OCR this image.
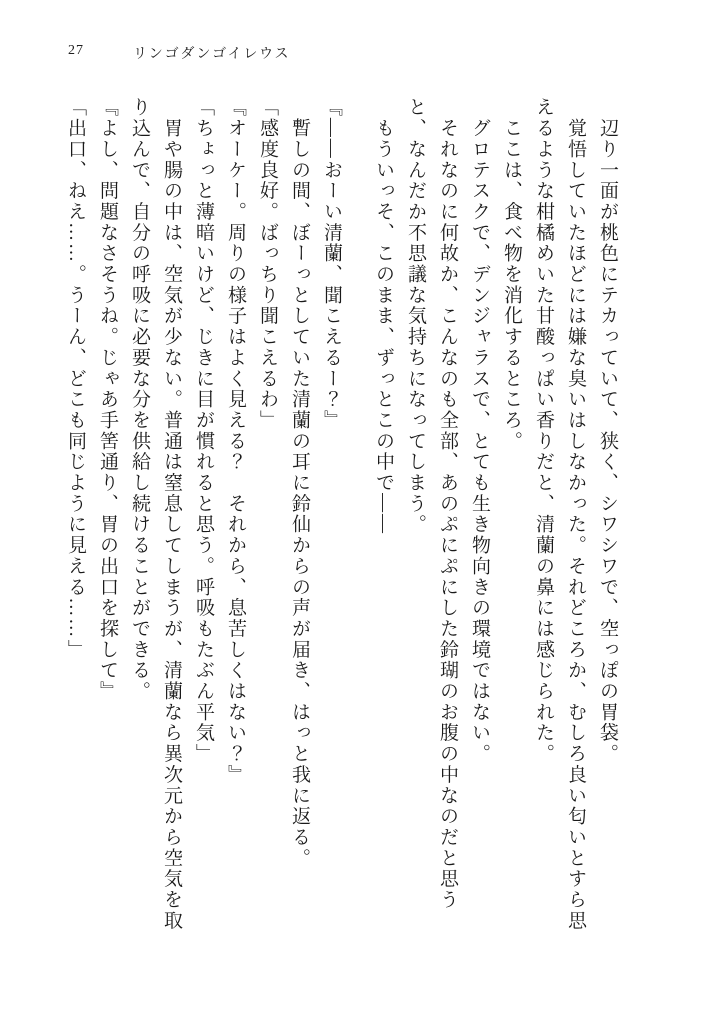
27	リンゴダンゴイレウス

　辺り一面が桃色にテカっていて、狭く、シワシワで、空っぽの胃袋。

　覚悟していたほどには嫌な臭いはしなかった。それどころか、むしろ良い匂いとすら思えるような柑橘めいた甘酸っぱい香りだと、清蘭の鼻には感じられた。

　ここは、食べ物を消化するところ。

　グロテスクで、デンジャラスで、とても生き物向きの環境ではない。

　それなのに何故か、こんなのも全部、あのぷにぷにした鈴瑚のお腹の中なのだと思うと、なんだか不思議な気持ちになってしまう。

　もういっそ、このまま、ずっとこの中で――

『――おーい清蘭、聞こえるー？』

　暫しの間、ぼーっとしていた清蘭の耳に鈴仙からの声が届き、はっと我に返る。

「感度良好。ばっちり聞こえるわ」

『オーケー。周りの様子はよく見える？　それから、息苦しくはない？』

「ちょっと薄暗いけど、じきに目が慣れると思う。呼吸もたぶん平気」

　胃や腸の中は、空気が少ない。普通は窒息してしまうが、清蘭なら異次元から空気を取り込んで、自分の呼吸に必要な分を供給し続けることができる。

『よし、問題なさそうね。じゃあ手筈通り、胃の出口を探して』

「出口、ねえ……。うーん、どこも同じように見える……」
